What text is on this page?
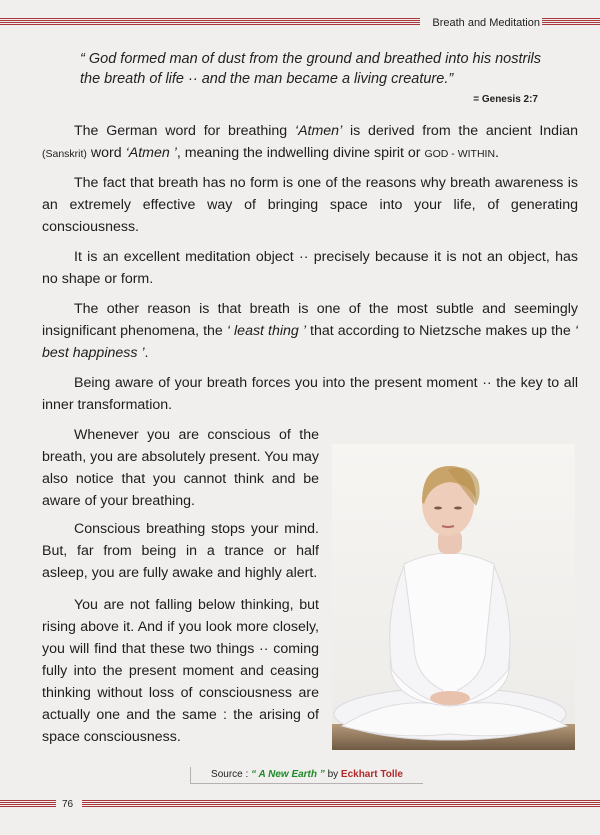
Breath and Meditation
“ God formed man of dust from the ground and breathed into his nostrils the breath of life ·· and the man became a living creature.”
= Genesis 2:7
The German word for breathing ‘Atmen’ is derived from the ancient Indian (Sanskrit) word ‘Atmen ’, meaning the indwelling divine spirit or GOD - WITHIN.
The fact that breath has no form is one of the reasons why breath awareness is an extremely effective way of bringing space into your life, of generating consciousness.
It is an excellent meditation object ·· precisely because it is not an object, has no shape or form.
The other reason is that breath is one of the most subtle and seemingly insignificant phenomena, the ‘ least thing ’ that according to Nietzsche makes up the ‘ best happiness ’.
Being aware of your breath forces you into the present moment ·· the key to all inner transformation.
Whenever you are conscious of the breath, you are absolutely present. You may also notice that you cannot think and be aware of your breathing.
Conscious breathing stops your mind. But, far from being in a trance or half asleep, you are fully awake and highly alert.
You are not falling below thinking, but rising above it. And if you look more closely, you will find that these two things ·· coming fully into the present moment and ceasing thinking without loss of consciousness are actually one and the same : the arising of space consciousness.
Source : “ A New Earth ” by Eckhart Tolle
76
